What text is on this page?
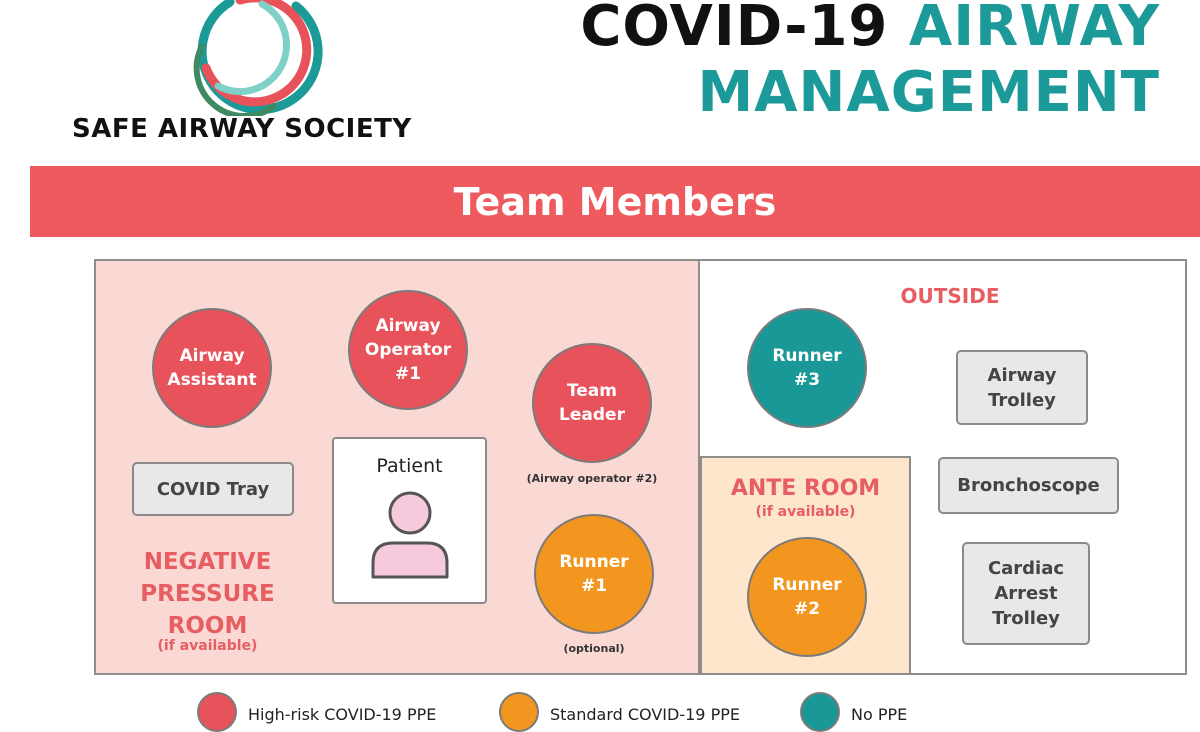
SAFE AIRWAY SOCIETY
COVID-19 AIRWAY
MANAGEMENT
Team Members
NEGATIVE
PRESSURE
ROOM
(if available)
ANTE ROOM
(if available)
OUTSIDE
Airway
Assistant
Airway
Operator
#1
Team
Leader
(Airway operator #2)
Runner
#1
(optional)
Runner
#2
Runner
#3
COVID Tray
Airway
Trolley
Bronchoscope
Cardiac
Arrest
Trolley
Patient
High-risk COVID-19 PPE	Standard COVID-19 PPE	No PPE
